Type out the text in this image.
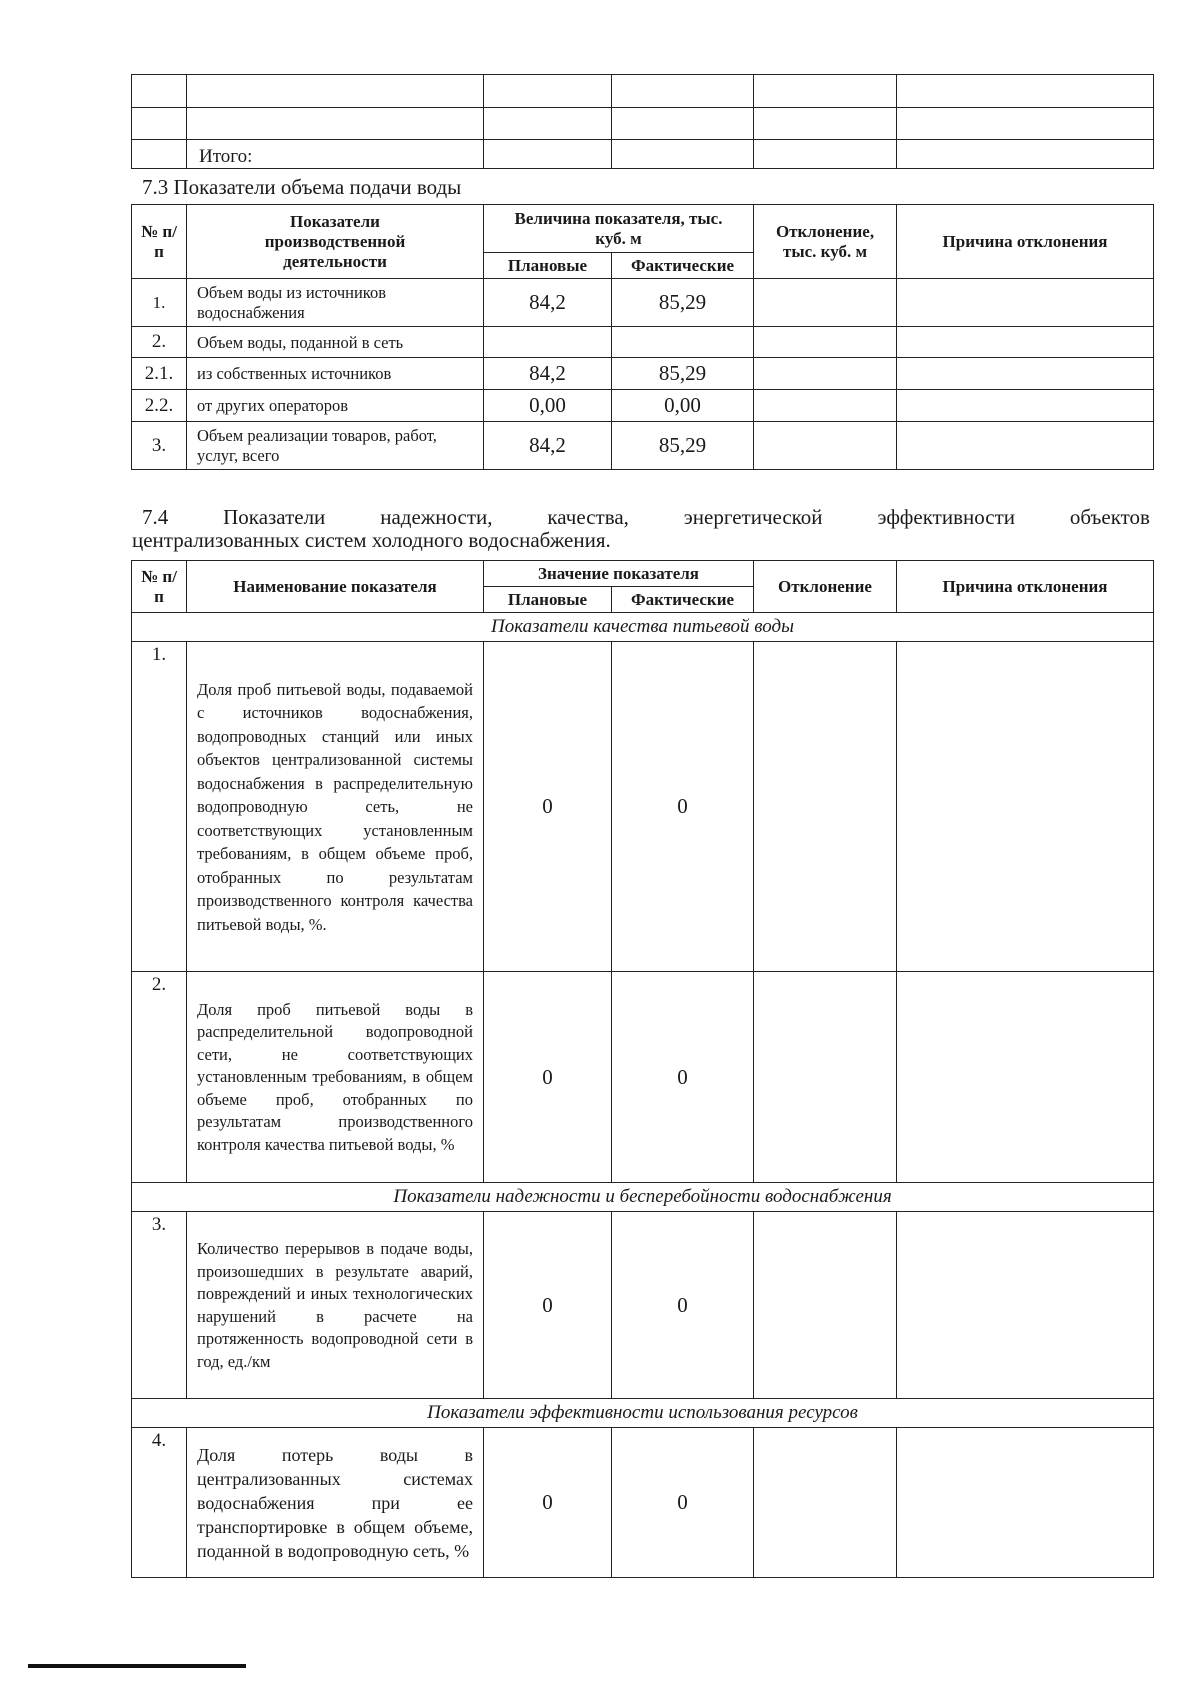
	Итого:				
7.3 Показатели объема подачи воды
№ п/п	Показатели производственной деятельности	Величина показателя, тыс. куб. м		Отклонение, тыс. куб. м	Причина отклонения
		Плановые	Фактические		
1.	Объем воды из источников водоснабжения	84,2	85,29		
2.	Объем воды, поданной в сеть				
2.1.	из собственных источников	84,2	85,29		
2.2.	от других операторов	0,00	0,00		
3.	Объем реализации товаров, работ, услуг, всего	84,2	85,29		
7.4	Показатели	надежности,	качества,	энергетической	эффективности	объектов
централизованных систем холодного водоснабжения.
№ п/п	Наименование показателя	Значение показателя		Отклонение	Причина отклонения
		Плановые	Фактические		
Показатели качества питьевой воды					
1.	Доля проб питьевой воды, подаваемой с источников водоснабжения, водопроводных станций или иных объектов централизованной системы водоснабжения в распределительную водопроводную сеть, не соответствующих установленным требованиям, в общем объеме проб, отобранных по результатам производственного контроля качества питьевой воды, %.	0	0		
2.	Доля проб питьевой воды в распределительной водопроводной сети, не соответствующих установленным требованиям, в общем объеме проб, отобранных по результатам производственного контроля качества питьевой воды, %	0	0		
Показатели надежности и бесперебойности водоснабжения					
3.	Количество перерывов в подаче воды, произошедших в результате аварий, повреждений и иных технологических нарушений в расчете на протяженность водопроводной сети в год, ед./км	0	0		
Показатели эффективности использования ресурсов					
4.	Доля потерь воды в централизованных системах водоснабжения при ее транспортировке в общем объеме, поданной в водопроводную сеть, %	0	0		
